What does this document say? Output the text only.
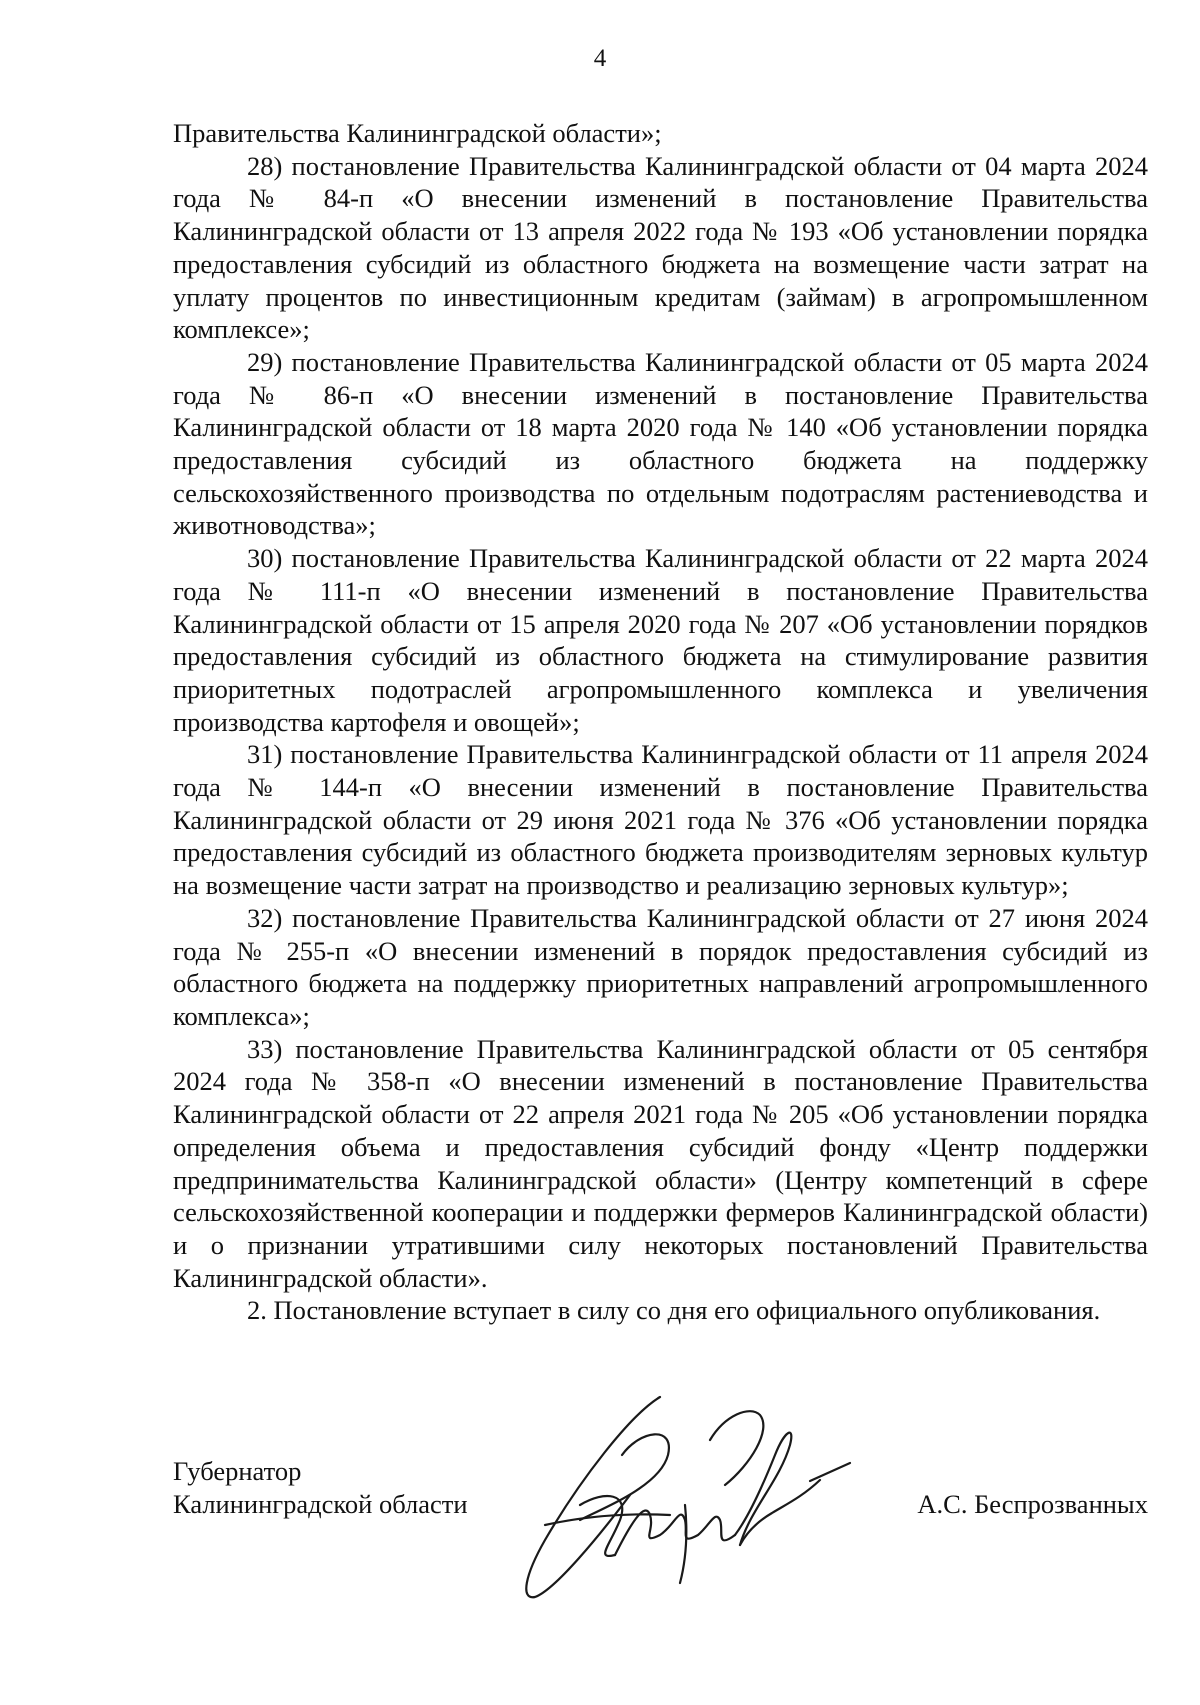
4

Правительства Калининградской области»;

28) постановление Правительства Калининградской области от 04 марта 2024 года № 84-п «О внесении изменений в постановление Правительства Калининградской области от 13 апреля 2022 года № 193 «Об установлении порядка предоставления субсидий из областного бюджета на возмещение части затрат на уплату процентов по инвестиционным кредитам (займам) в агропромышленном комплексе»;

29) постановление Правительства Калининградской области от 05 марта 2024 года № 86-п «О внесении изменений в постановление Правительства Калининградской области от 18 марта 2020 года № 140 «Об установлении порядка предоставления субсидий из областного бюджета на поддержку сельскохозяйственного производства по отдельным подотраслям растениеводства и животноводства»;

30) постановление Правительства Калининградской области от 22 марта 2024 года № 111-п «О внесении изменений в постановление Правительства Калининградской области от 15 апреля 2020 года № 207 «Об установлении порядков предоставления субсидий из областного бюджета на стимулирование развития приоритетных подотраслей агропромышленного комплекса и увеличения производства картофеля и овощей»;

31) постановление Правительства Калининградской области от 11 апреля 2024 года № 144-п «О внесении изменений в постановление Правительства Калининградской области от 29 июня 2021 года № 376 «Об установлении порядка предоставления субсидий из областного бюджета производителям зерновых культур на возмещение части затрат на производство и реализацию зерновых культур»;

32) постановление Правительства Калининградской области от 27 июня 2024 года № 255-п «О внесении изменений в порядок предоставления субсидий из областного бюджета на поддержку приоритетных направлений агропромышленного комплекса»;

33) постановление Правительства Калининградской области от 05 сентября 2024 года № 358-п «О внесении изменений в постановление Правительства Калининградской области от 22 апреля 2021 года № 205 «Об установлении порядка определения объема и предоставления субсидий фонду «Центр поддержки предпринимательства Калининградской области» (Центру компетенций в сфере сельскохозяйственной кооперации и поддержки фермеров Калининградской области) и о признании утратившими силу некоторых постановлений Правительства Калининградской области».

2. Постановление вступает в силу со дня его официального опубликования.

Губернатор
Калининградской области	А.С. Беспрозванных
